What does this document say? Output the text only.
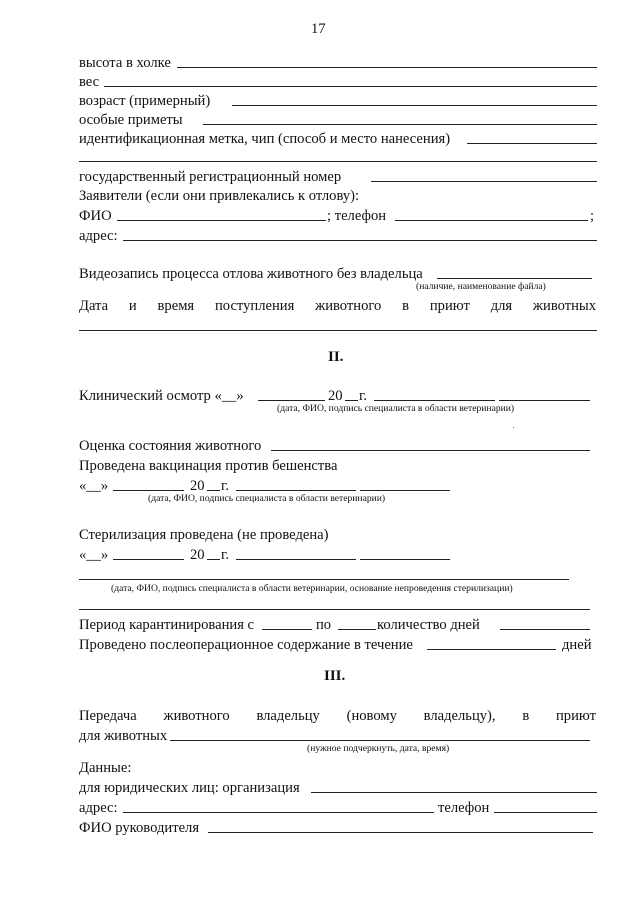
17
высота в холке
вес
возраст (примерный)
особые приметы
идентификационная метка, чип (способ и место нанесения)
государственный регистрационный номер
Заявители (если они привлекались к отлову):
ФИО	; телефон	;
адрес:
Видеозапись процесса отлова животного без владельца
(наличие, наименование файла)
Дата и время поступления животного в приют для животных
II.
Клинический осмотр «__»	20 г.
(дата, ФИО, подпись специалиста в области ветеринарии)
Оценка состояния животного
Проведена вакцинация против бешенства
«__»	20 г.
(дата, ФИО, подпись специалиста в области ветеринарии)
Стерилизация проведена (не проведена)
«__»	20 г.
(дата, ФИО, подпись специалиста в области ветеринарии, основание непроведения стерилизации)
Период карантинирования с	по	количество дней
Проведено послеоперационное содержание в течение	дней
III.
Передача животного владельцу (новому владельцу), в приют
для животных
(нужное подчеркнуть, дата, время)
Данные:
для юридических лиц: организация
адрес:	телефон
ФИО руководителя
